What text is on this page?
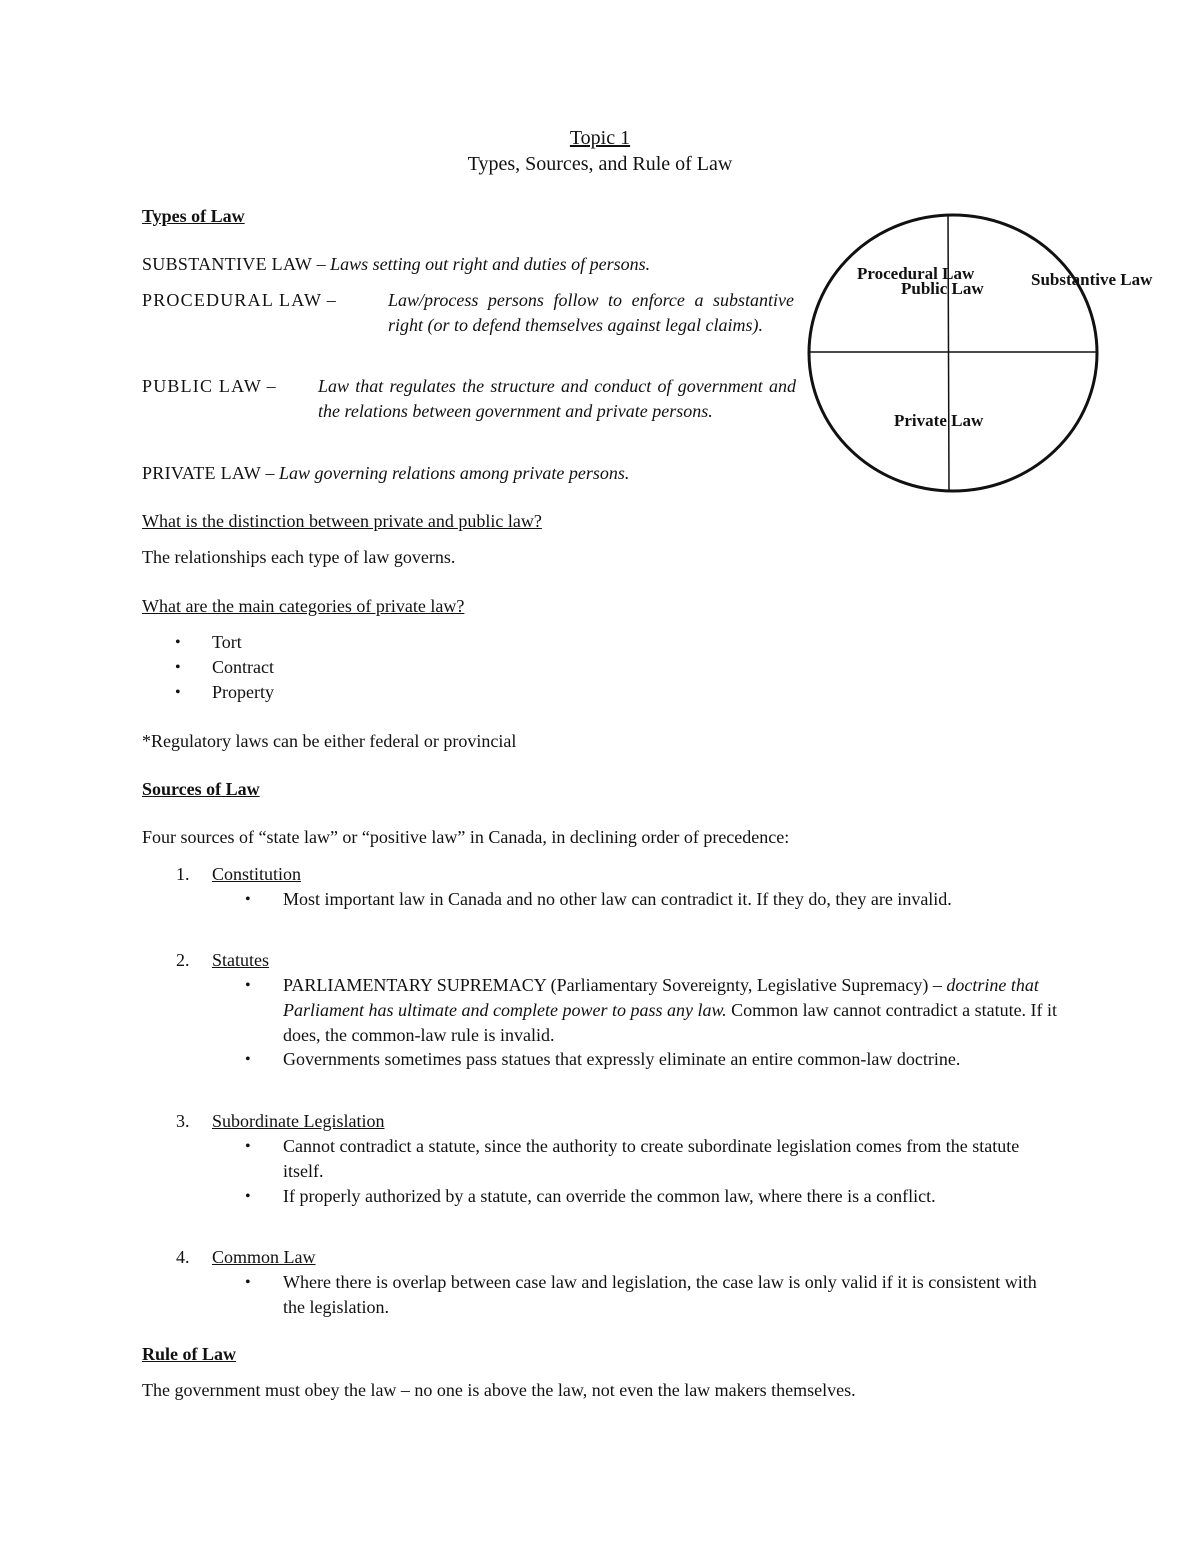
Topic 1
Types, Sources, and Rule of Law
Types of Law
SUBSTANTIVE LAW – Laws setting out right and duties of persons.
PROCEDURAL LAW –	Law/process persons follow to enforce a substantive right (or to defend themselves against legal claims).
PUBLIC LAW – Law that regulates the structure and conduct of government and the relations between government and private persons.
PRIVATE LAW – Law governing relations among private persons.
Procedural Law
Public Law	Substantive Law
Private Law
What is the distinction between private and public law?
The relationships each type of law governs.
What are the main categories of private law?
• Tort
• Contract
• Property
*Regulatory laws can be either federal or provincial
Sources of Law
Four sources of “state law” or “positive law” in Canada, in declining order of precedence:
1. Constitution
• Most important law in Canada and no other law can contradict it. If they do, they are invalid.
2. Statutes
• PARLIAMENTARY SUPREMACY (Parliamentary Sovereignty, Legislative Supremacy) – doctrine that Parliament has ultimate and complete power to pass any law. Common law cannot contradict a statute. If it does, the common-law rule is invalid.
• Governments sometimes pass statues that expressly eliminate an entire common-law doctrine.
3. Subordinate Legislation
• Cannot contradict a statute, since the authority to create subordinate legislation comes from the statute itself.
• If properly authorized by a statute, can override the common law, where there is a conflict.
4. Common Law
• Where there is overlap between case law and legislation, the case law is only valid if it is consistent with the legislation.
Rule of Law
The government must obey the law – no one is above the law, not even the law makers themselves.
